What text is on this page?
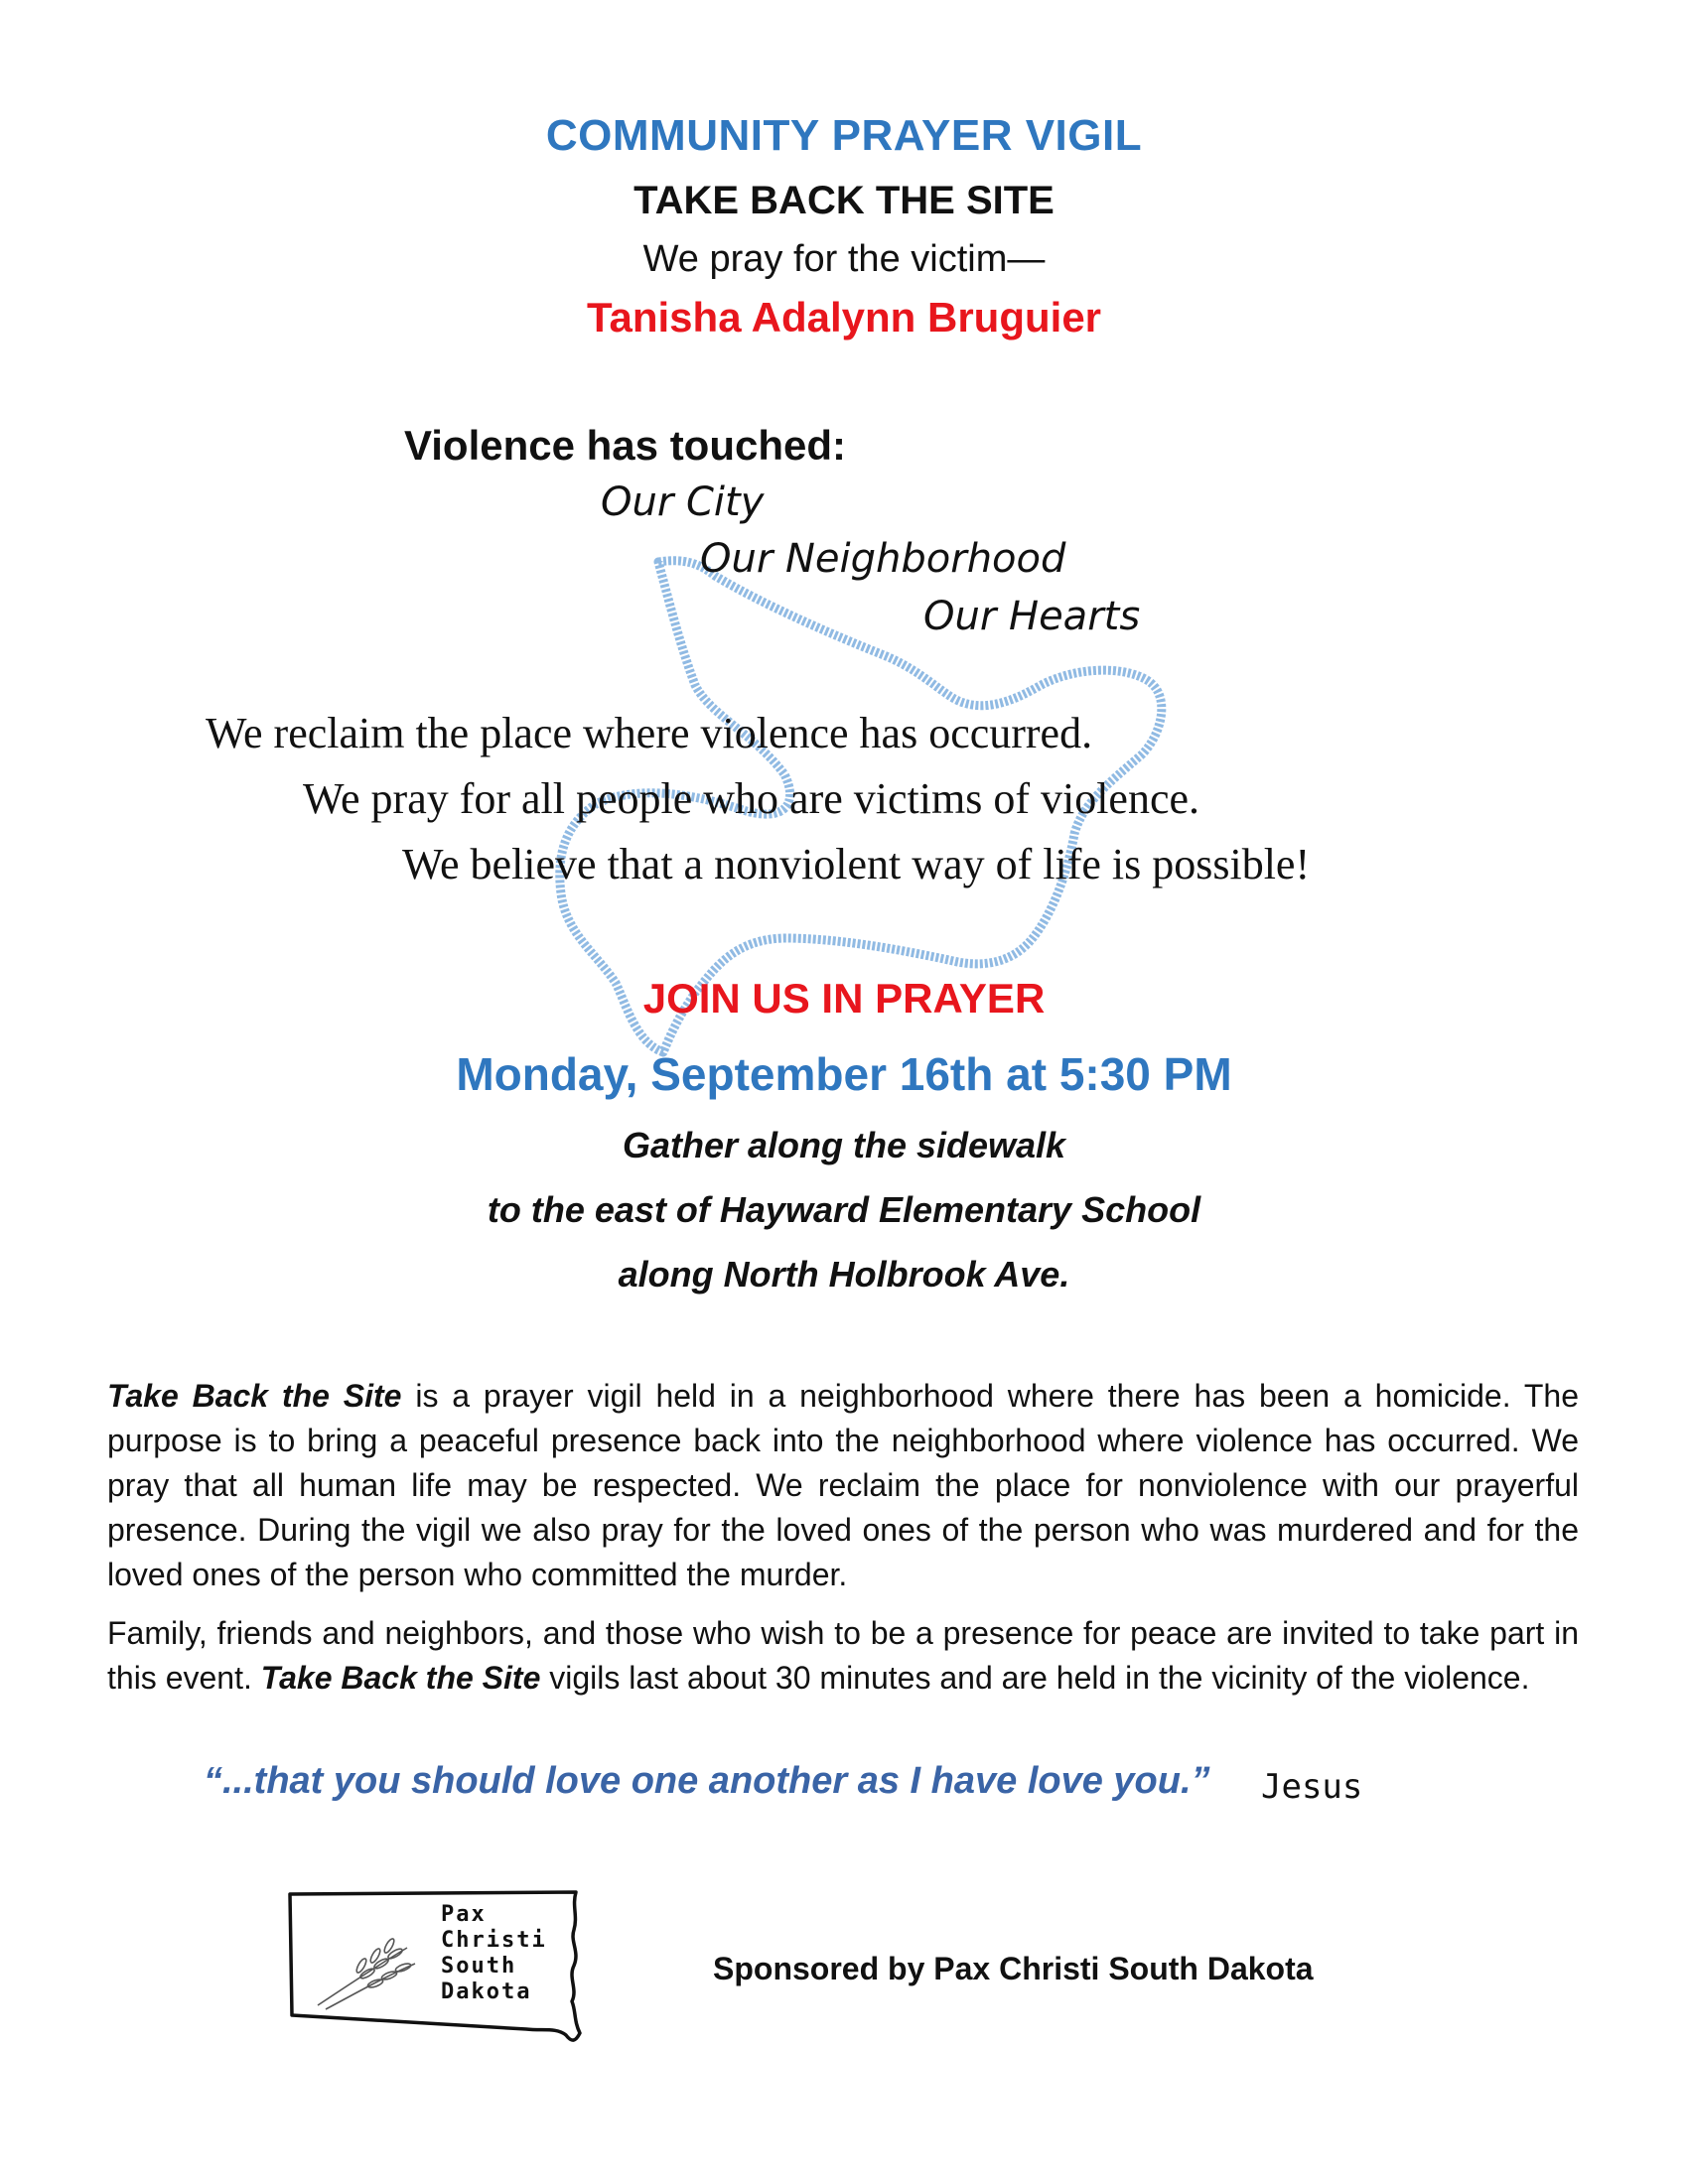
COMMUNITY PRAYER VIGIL
TAKE BACK THE SITE

We pray for the victim—

Tanisha Adalynn Bruguier

Violence has touched:

Our City

Our Neighborhood

Our Hearts

We reclaim the place where violence has occurred.

We pray for all people who are victims of violence.

We believe that a nonviolent way of life is possible!

JOIN US IN PRAYER

Monday, September 16th at 5:30 PM

Gather along the sidewalk

to the east of Hayward Elementary School

along North Holbrook Ave.

Take Back the Site is a prayer vigil held in a neighborhood where there has been a homicide. The purpose is to bring a peaceful presence back into the neighborhood where violence has occurred. We pray that all human life may be respected. We reclaim the place for nonviolence with our prayerful presence. During the vigil we also pray for the loved ones of the person who was murdered and for the loved ones of the person who committed the murder.

Family, friends and neighbors, and those who wish to be a presence for peace are invited to take part in this event. Take Back the Site vigils last about 30 minutes and are held in the vicinity of the violence.

“...that you should love one another as I have love you.” Jesus

Pax
Christi
South
Dakota

Sponsored by Pax Christi South Dakota
